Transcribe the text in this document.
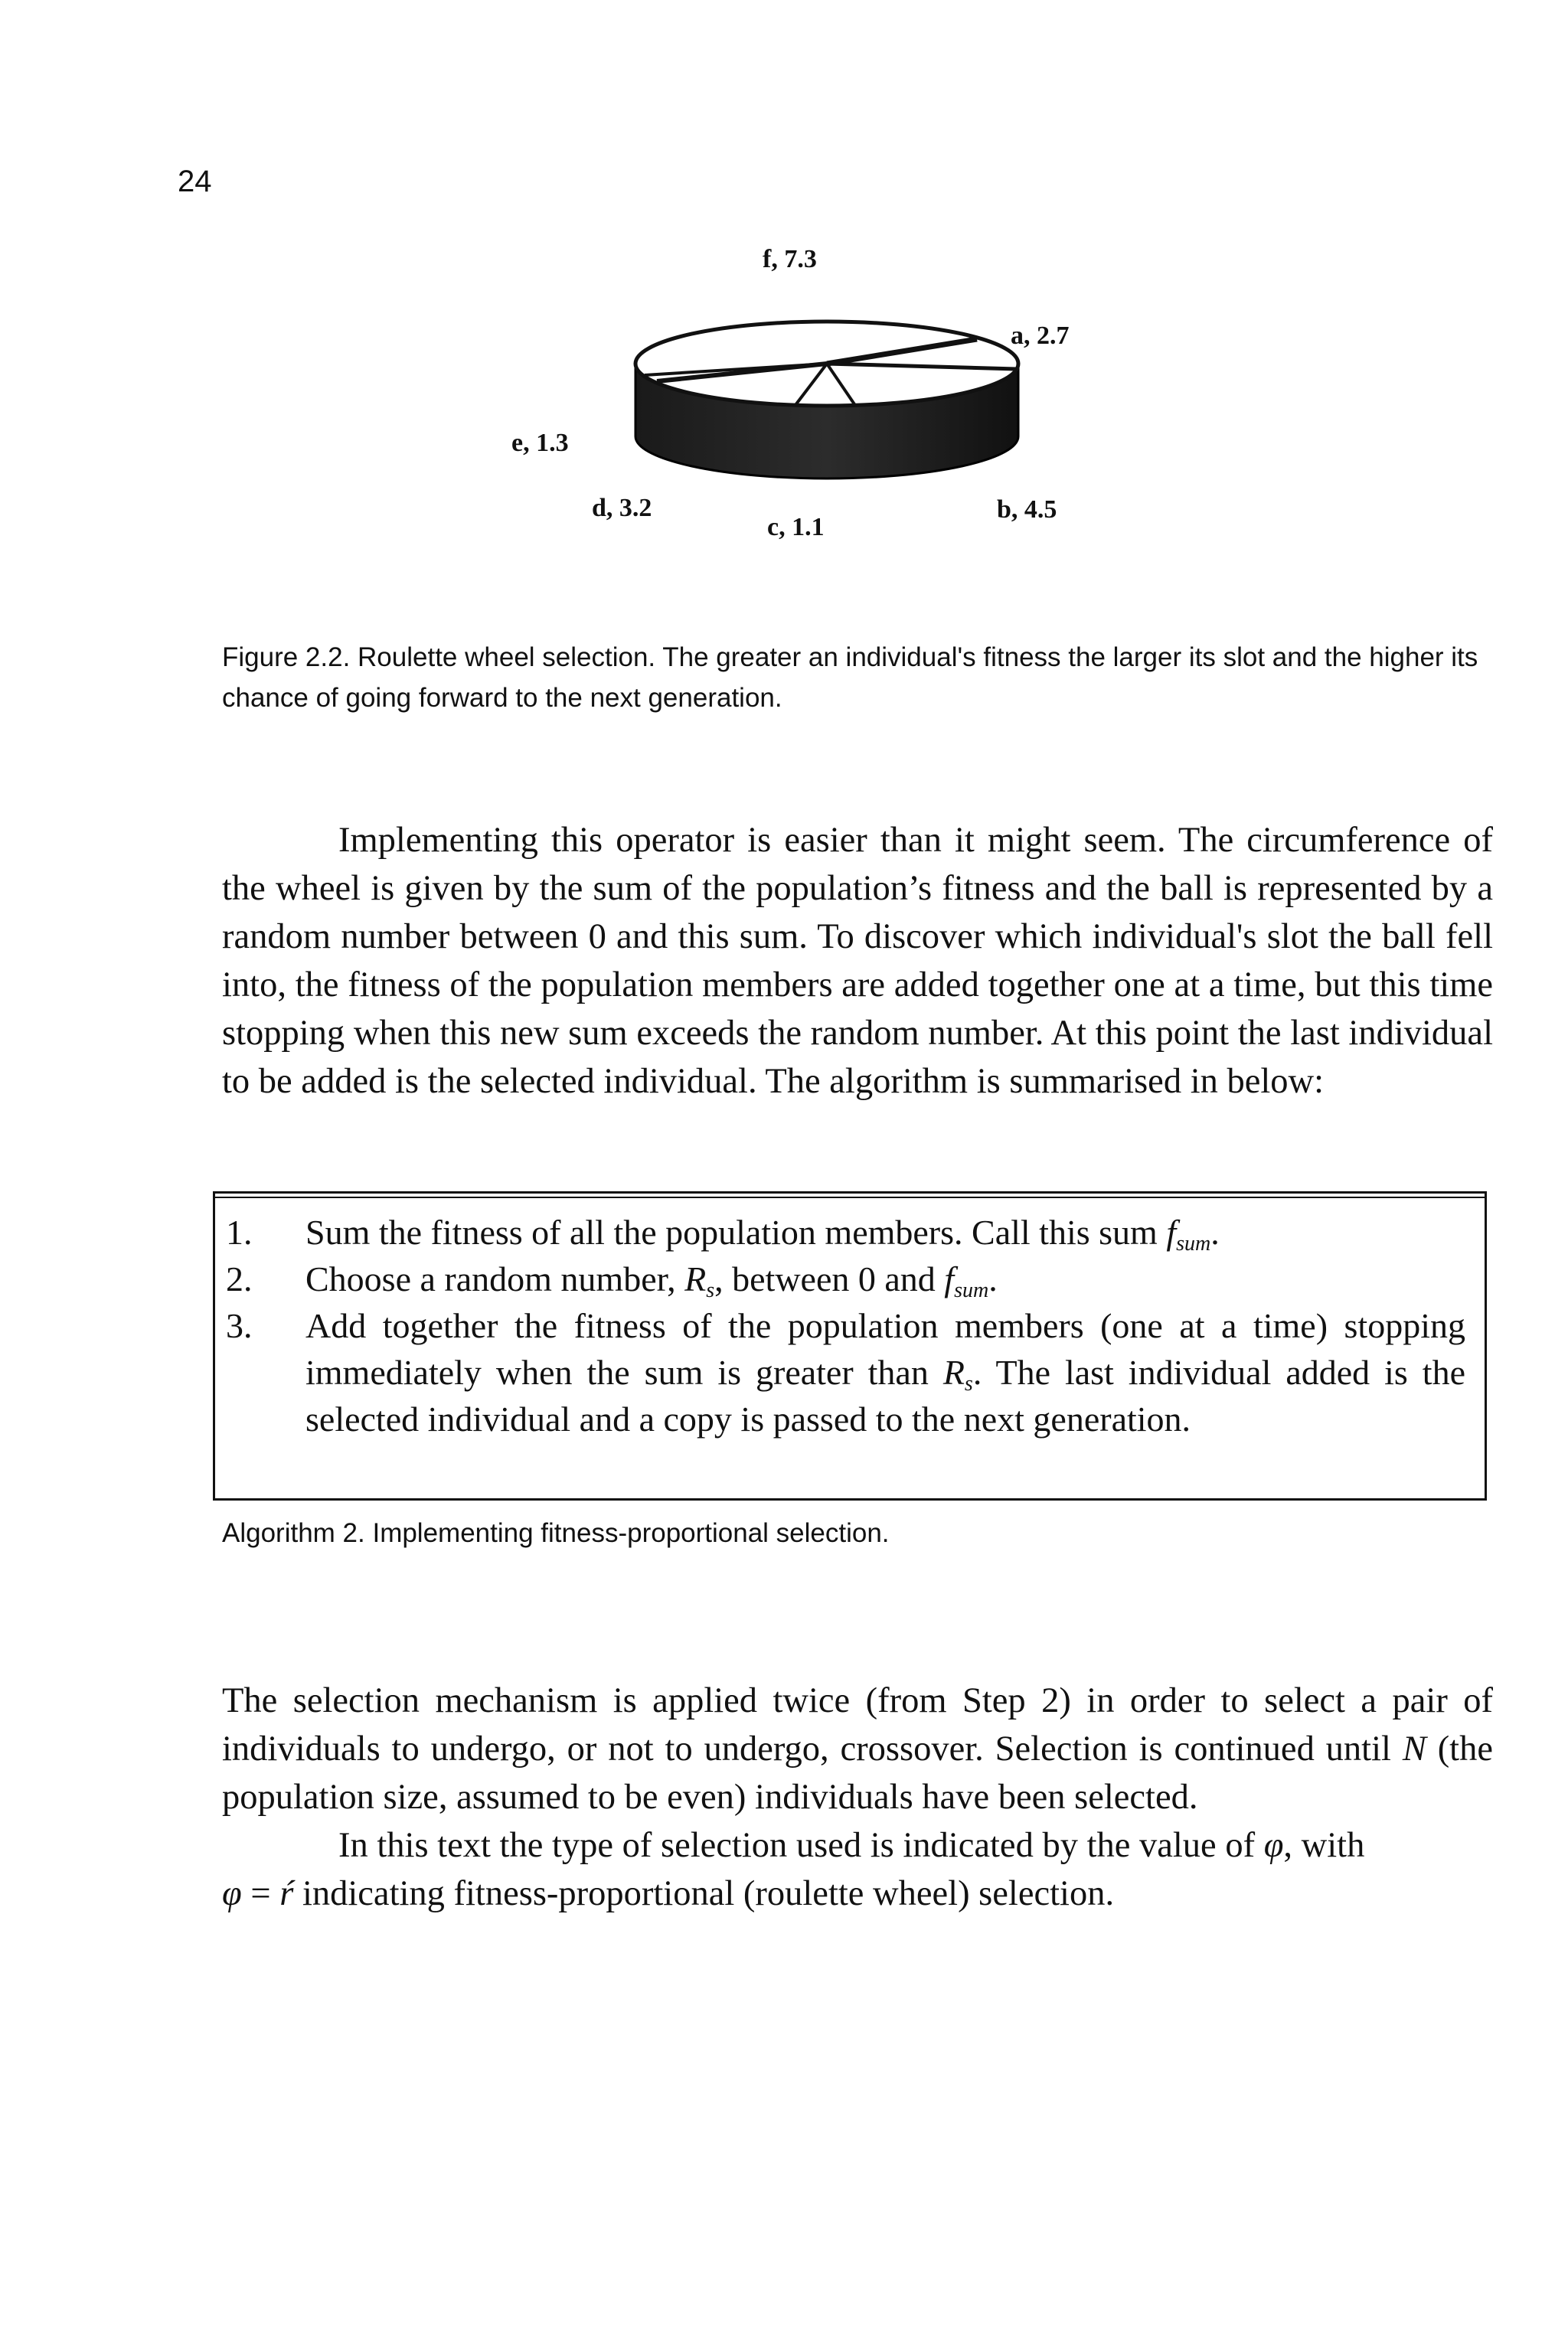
24
f, 7.3
a, 2.7
e, 1.3
d, 3.2
c, 1.1
b, 4.5
Figure 2.2. Roulette wheel selection. The greater an individual's fitness the larger its slot and the higher its chance of going forward to the next generation.

Implementing this operator is easier than it might seem. The circumference of the wheel is given by the sum of the population’s fitness and the ball is represented by a random number between 0 and this sum. To discover which individual's slot the ball fell into, the fitness of the population members are added together one at a time, but this time stopping when this new sum exceeds the random number. At this point the last individual to be added is the selected individual. The algorithm is summarised in below:

1. Sum the fitness of all the population members. Call this sum $f_{sum}$.
2. Choose a random number, $R_s$, between 0 and $f_{sum}$.
3. Add together the fitness of the population members (one at a time) stopping immediately when the sum is greater than $R_s$. The last individual added is the selected individual and a copy is passed to the next generation.
Algorithm 2. Implementing fitness-proportional selection.

The selection mechanism is applied twice (from Step 2) in order to select a pair of individuals to undergo, or not to undergo, crossover. Selection is continued until N (the population size, assumed to be even) individuals have been selected.

In this text the type of selection used is indicated by the value of φ, with
φ = ŕ indicating fitness-proportional (roulette wheel) selection.
